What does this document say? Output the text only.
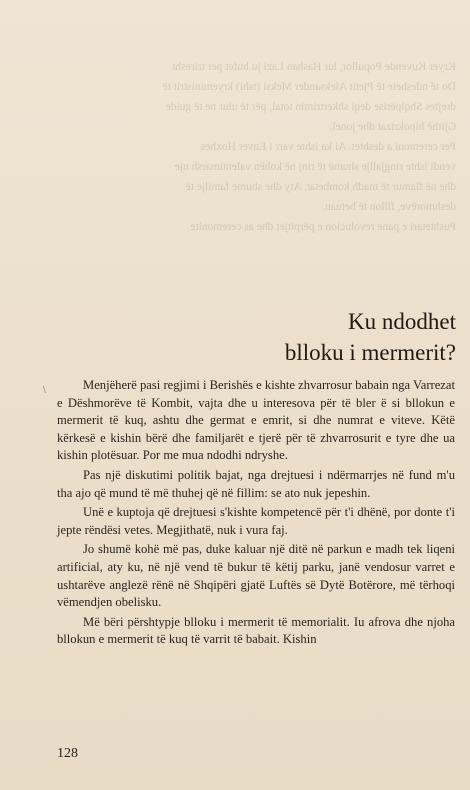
Kryer Kuvende Popullor, lur Hashan Lazi ju hufet per triresht

Do të ndeshete të Pjetit Aleksander Meksi (tshi) kryeministrit të

drejtes Shqipërise deqi shkertrimin total, për të ulur ne të guide

Gjithë hipokrizat dhe jonel.

Per ceremoni a deshtet. Ai ka ishte varr i Enver Hoxhes

vendi ishte ringjallje shumë të rinj në kohën valentimarsh nje

dhe në flamur të madh kombetar. Aty dhe shume familje të

deshmorëve, fillon të betuan.

Pushtetari e pane revolucion e përpitjet dhe as ceremonite

Ku ndodhet
blloku i mermerit?
\	Menjëherë pasi regjimi i Berishës e kishte zhvarrosur babain nga Varrezat e Dëshmorëve të Kombit, vajta dhe u interesova për të bler ë si bllokun e mermerit të kuq, ashtu dhe germat e emrit, si dhe numrat e viteve. Këtë kërkesë e kishin bërë dhe familjarët e tjerë për të zhvarrosurit e tyre dhe ua kishin plotësuar. Por me mua ndodhi ndryshe.

Pas një diskutimi politik bajat, nga drejtuesi i ndërmarrjes në fund m'u tha ajo që mund të më thuhej që në fillim: se ato nuk jepeshin.

Unë e kuptoja që drejtuesi s'kishte kompetencë për t'i dhënë, por donte t'i jepte rëndësi vetes. Megjithatë, nuk i vura faj.

Jo shumë kohë më pas, duke kaluar një ditë në parkun e madh tek liqeni artificial, aty ku, në një vend të bukur të këtij parku, janë vendosur varret e ushtarëve anglezë rënë në Shqipëri gjatë Luftës së Dytë Botërore, më tërhoqi vëmendjen obelisku.

Më bëri përshtypje blloku i mermerit të memorialit. Iu afrova dhe njoha bllokun e mermerit të kuq të varrit të babait. Kishin

128
